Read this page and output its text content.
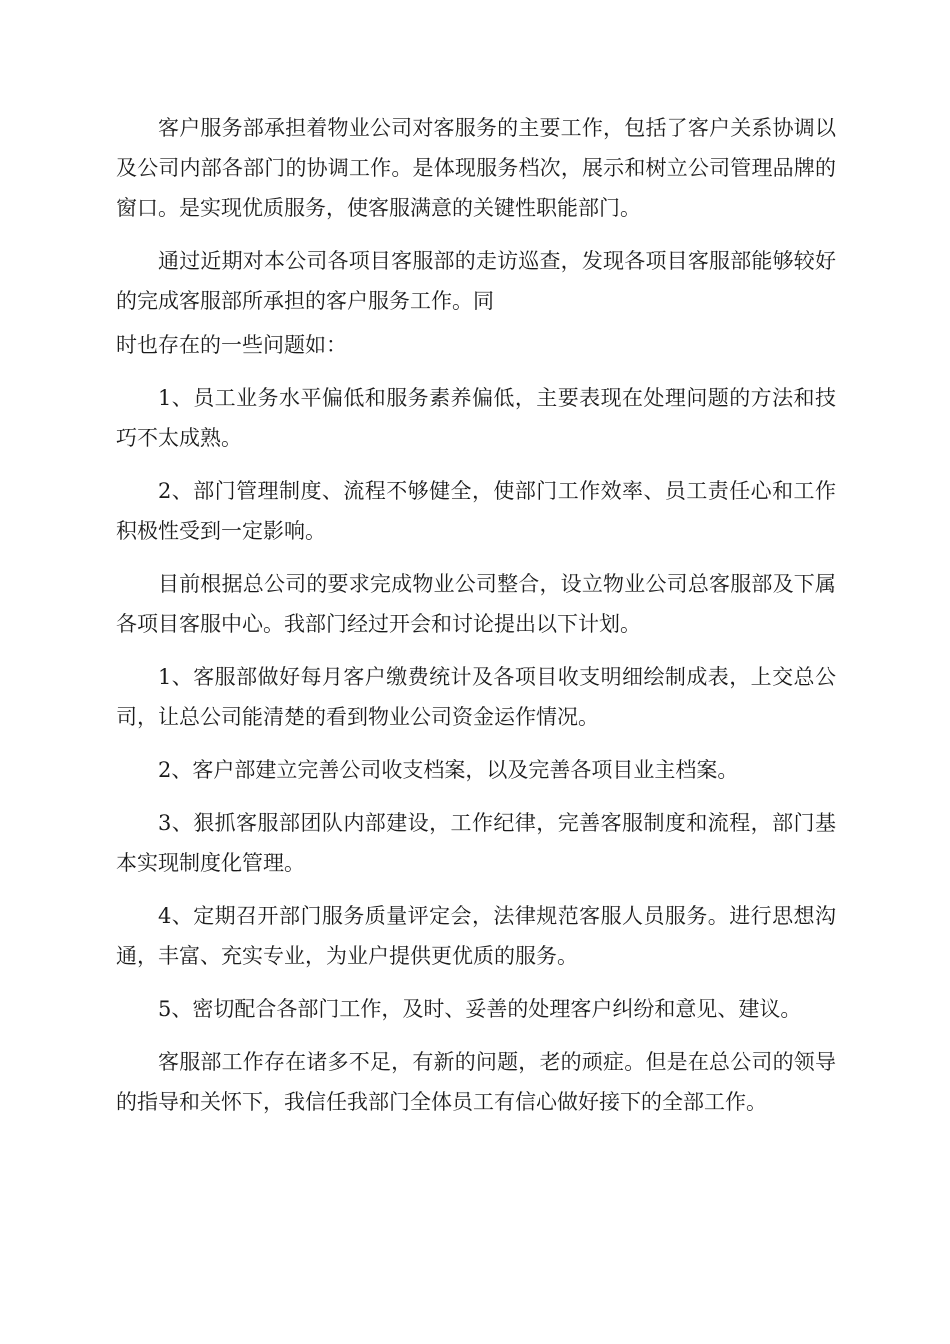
客户服务部承担着物业公司对客服务的主要工作，包括了客户关系协调以及公司内部各部门的协调工作。是体现服务档次，展示和树立公司管理品牌的窗口。是实现优质服务，使客服满意的关键性职能部门。

通过近期对本公司各项目客服部的走访巡查，发现各项目客服部能够较好的完成客服部所承担的客户服务工作。同

时也存在的一些问题如：

1、员工业务水平偏低和服务素养偏低，主要表现在处理问题的方法和技巧不太成熟。

2、部门管理制度、流程不够健全，使部门工作效率、员工责任心和工作积极性受到一定影响。

目前根据总公司的要求完成物业公司整合，设立物业公司总客服部及下属各项目客服中心。我部门经过开会和讨论提出以下计划。

1、客服部做好每月客户缴费统计及各项目收支明细绘制成表，上交总公司，让总公司能清楚的看到物业公司资金运作情况。

2、客户部建立完善公司收支档案，以及完善各项目业主档案。

3、狠抓客服部团队内部建设，工作纪律，完善客服制度和流程，部门基本实现制度化管理。

4、定期召开部门服务质量评定会，法律规范客服人员服务。进行思想沟通，丰富、充实专业，为业户提供更优质的服务。

5、密切配合各部门工作，及时、妥善的处理客户纠纷和意见、建议。

客服部工作存在诸多不足，有新的问题，老的顽症。但是在总公司的领导的指导和关怀下，我信任我部门全体员工有信心做好接下的全部工作。
